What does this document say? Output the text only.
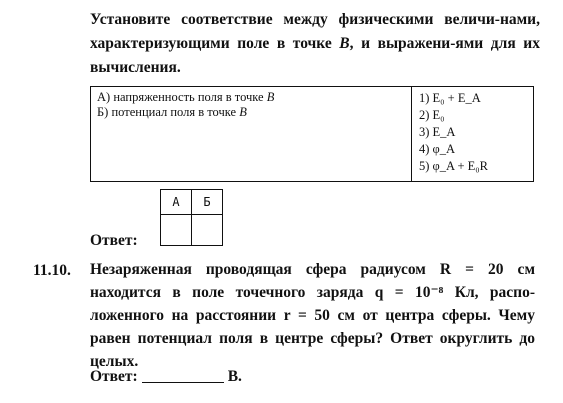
Установите соответствие между физическими величи-нами, характеризующими поле в точке B, и выражени-ями для их вычисления.
А) напряженность поля в точке B
Б) потенциал поля в точке B
1) E₀ + E_A
2) E₀
3) E_A
4) φ_A
5) φ_A + E₀R
А	Б

Ответ:
11.10. Незаряженная проводящая сфера радиусом R = 20 см находится в поле точечного заряда q = 10⁻⁸ Кл, распо-ложенного на расстоянии r = 50 см от центра сферы. Чему равен потенциал поля в центре сферы? Ответ округлить до целых.
Ответ:	В.
